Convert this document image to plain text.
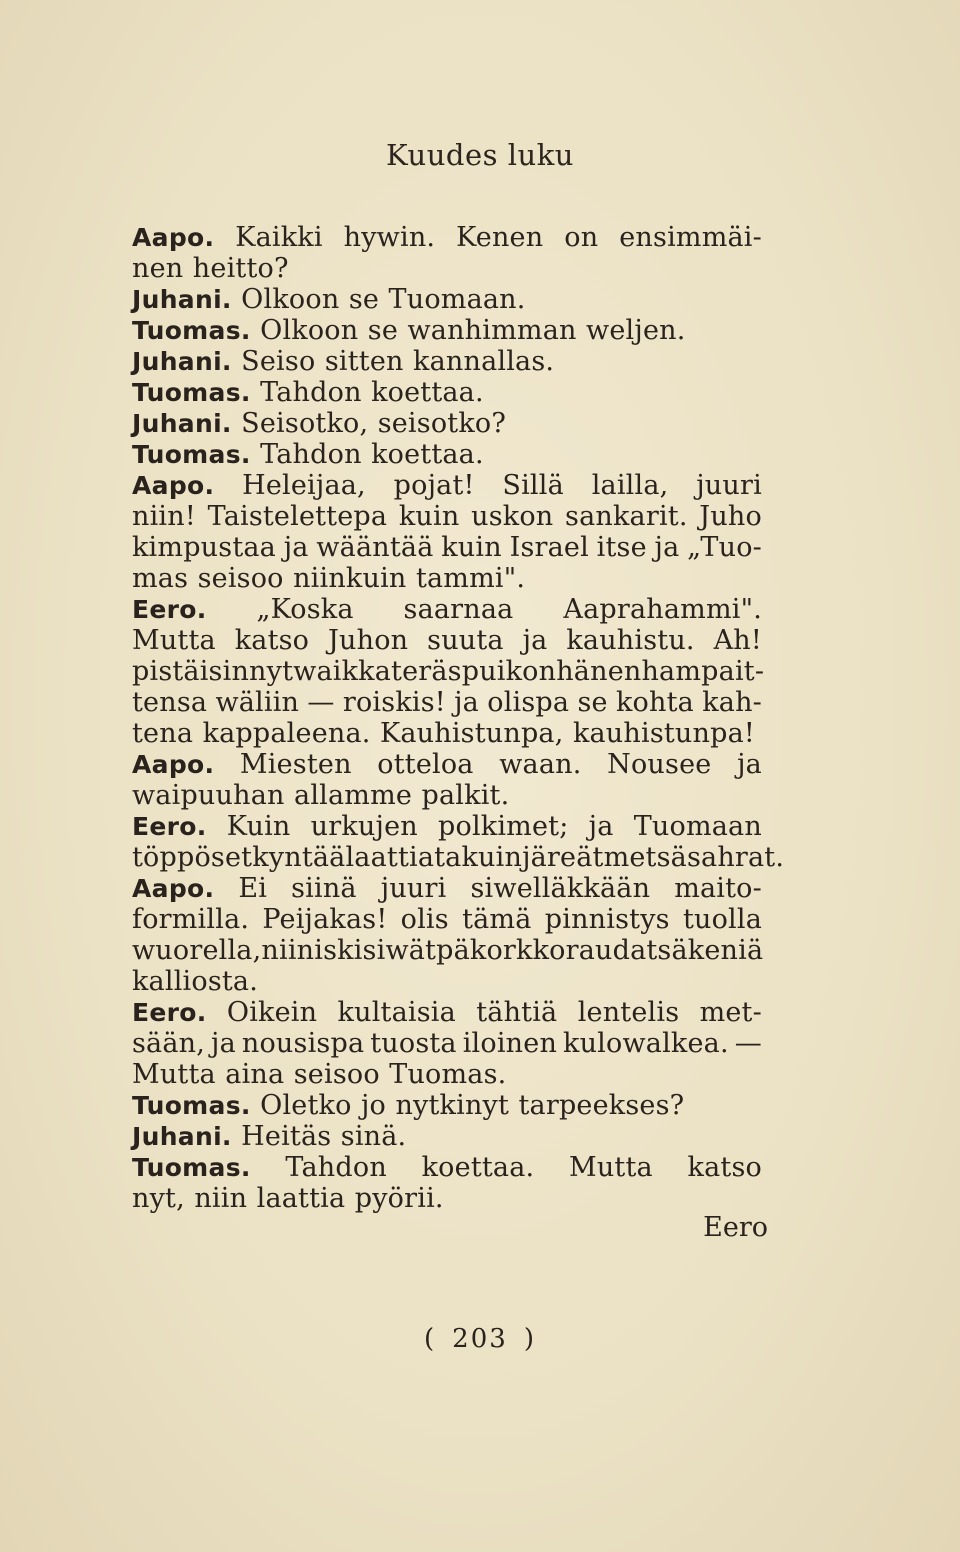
Kuudes luku
Aapo. Kaikki hywin. Kenen on ensimmäi-
nen heitto?
Juhani. Olkoon se Tuomaan.
Tuomas. Olkoon se wanhimman weljen.
Juhani. Seiso sitten kannallas.
Tuomas. Tahdon koettaa.
Juhani. Seisotko, seisotko?
Tuomas. Tahdon koettaa.
Aapo. Heleijaa, pojat! Sillä lailla, juuri
niin! Taistelettepa kuin uskon sankarit. Juho
kimpustaa ja wääntää kuin Israel itse ja „Tuo-
mas seisoo niinkuin tammi".
Eero. „Koska saarnaa Aaprahammi".
Mutta katso Juhon suuta ja kauhistu. Ah!
pistäisin nyt waikka teräspuikon hänen hampait-
tensa wäliin — roiskis! ja olispa se kohta kah-
tena kappaleena. Kauhistunpa, kauhistunpa!
Aapo. Miesten otteloa waan. Nousee ja
waipuuhan allamme palkit.
Eero. Kuin urkujen polkimet; ja Tuomaan
töppöset kyntää laattiata kuin järeät metsäsahrat.
Aapo. Ei siinä juuri siwelläkkään maito-
formilla. Peijakas! olis tämä pinnistys tuolla
wuorella, niin iskisiwätpä korkkoraudat säkeniä
kalliosta.
Eero. Oikein kultaisia tähtiä lentelis met-
sään, ja nousispa tuosta iloinen kulowalkea. —
Mutta aina seisoo Tuomas.
Tuomas. Oletko jo nytkinyt tarpeekses?
Juhani. Heitäs sinä.
Tuomas. Tahdon koettaa. Mutta katso
nyt, niin laattia pyörii.
Eero
( 203 )
